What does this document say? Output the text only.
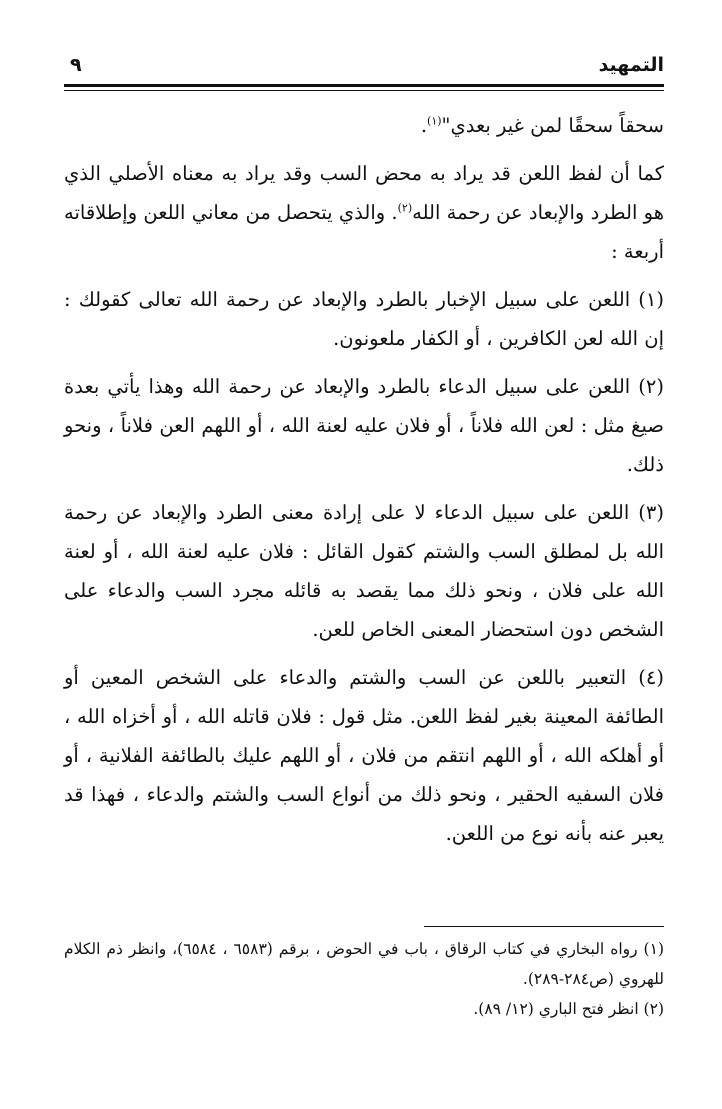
التمهيد
٩

سحقاً سحقًا لمن غير بعدي"$^{(١)}$.

كما أن لفظ اللعن قد يراد به محض السب وقد يراد به معناه الأصلي الذي هو الطرد والإبعاد عن رحمة الله$^{(٢)}$. والذي يتحصل من معاني اللعن وإطلاقاته أربعة :

(١) اللعن على سبيل الإخبار بالطرد والإبعاد عن رحمة الله تعالى كقولك : إن الله لعن الكافرين ، أو الكفار ملعونون.

(٢) اللعن على سبيل الدعاء بالطرد والإبعاد عن رحمة الله وهذا يأتي بعدة صيغ مثل : لعن الله فلاناً ، أو فلان عليه لعنة الله ، أو اللهم العن فلاناً ، ونحو ذلك.

(٣) اللعن على سبيل الدعاء لا على إرادة معنى الطرد والإبعاد عن رحمة الله بل لمطلق السب والشتم كقول القائل : فلان عليه لعنة الله ، أو لعنة الله على فلان ، ونحو ذلك مما يقصد به قائله مجرد السب والدعاء على الشخص دون استحضار المعنى الخاص للعن.

(٤) التعبير باللعن عن السب والشتم والدعاء على الشخص المعين أو الطائفة المعينة بغير لفظ اللعن. مثل قول : فلان قاتله الله ، أو أخزاه الله ، أو أهلكه الله ، أو اللهم انتقم من فلان ، أو اللهم عليك بالطائفة الفلانية ، أو فلان السفيه الحقير ، ونحو ذلك من أنواع السب والشتم والدعاء ، فهذا قد يعبر عنه بأنه نوع من اللعن.

(١) رواه البخاري في كتاب الرقاق ، باب في الحوض ، برقم (٦٥٨٣ ، ٦٥٨٤)، وانظر ذم الكلام للهروي (ص٢٨٤-٢٨٩).

(٢) انظر فتح الباري (١٢/ ٨٩).
